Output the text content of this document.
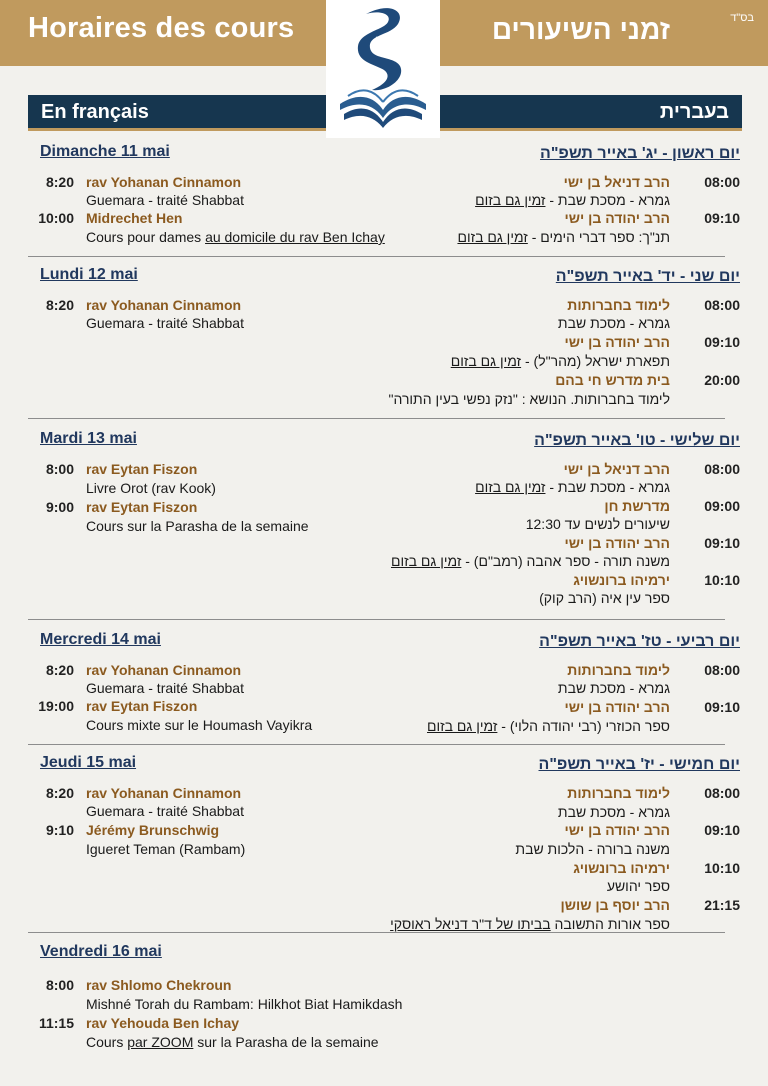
Horaires des cours	זמני השיעורים	בס"ד
En français	בעברית
Dimanche 11 mai	יום ראשון - יג' באייר תשפ"ה
8:20 rav Yohanan Cinnamon
Guemara - traité Shabbat
10:00 Midrechet Hen
Cours pour dames au domicile du rav Ben Ichay
08:00
הרב דניאל בן ישי
גמרא - מסכת שבת - זמין גם בזום
09:10
הרב יהודה בן ישי
תנ"ך: ספר דברי הימים - זמין גם בזום
Lundi 12 mai	יום שני - יד' באייר תשפ"ה
8:20 rav Yohanan Cinnamon
Guemara - traité Shabbat
08:00
לימוד בחברותות
גמרא - מסכת שבת
09:10
הרב יהודה בן ישי
תפארת ישראל (מהר"ל) - זמין גם בזום
20:00
בית מדרש חי בהם
לימוד בחברותות. הנושא : "נזק נפשי בעין התורה"
Mardi 13 mai	יום שלישי - טו' באייר תשפ"ה
8:00 rav Eytan Fiszon
Livre Orot (rav Kook)
9:00 rav Eytan Fiszon
Cours sur la Parasha de la semaine
08:00
הרב דניאל בן ישי
גמרא - מסכת שבת - זמין גם בזום
09:00
מדרשת חן
שיעורים לנשים עד 12:30
09:10
הרב יהודה בן ישי
משנה תורה - ספר אהבה (רמב"ם) - זמין גם בזום
10:10
ירמיהו ברונשויג
ספר עין איה (הרב קוק)
Mercredi 14 mai	יום רביעי - טז' באייר תשפ"ה
8:20 rav Yohanan Cinnamon
Guemara - traité Shabbat
19:00 rav Eytan Fiszon
Cours mixte sur le Houmash Vayikra
08:00
לימוד בחברותות
גמרא - מסכת שבת
09:10
הרב יהודה בן ישי
ספר הכוזרי (רבי יהודה הלוי) - זמין גם בזום
Jeudi 15 mai	יום חמישי - יז' באייר תשפ"ה
8:20 rav Yohanan Cinnamon
Guemara - traité Shabbat
9:10 Jérémy Brunschwig
Igueret Teman (Rambam)
08:00
לימוד בחברותות
גמרא - מסכת שבת
09:10
הרב יהודה בן ישי
משנה ברורה - הלכות שבת
10:10
ירמיהו ברונשויג
ספר יהושע
21:15
הרב יוסף בן שושן
ספר אורות התשובה בביתו של ד"ר דניאל ראוסקי
Vendredi 16 mai
8:00 rav Shlomo Chekroun
Mishné Torah du Rambam: Hilkhot Biat Hamikdash
11:15 rav Yehouda Ben Ichay
Cours par ZOOM sur la Parasha de la semaine
